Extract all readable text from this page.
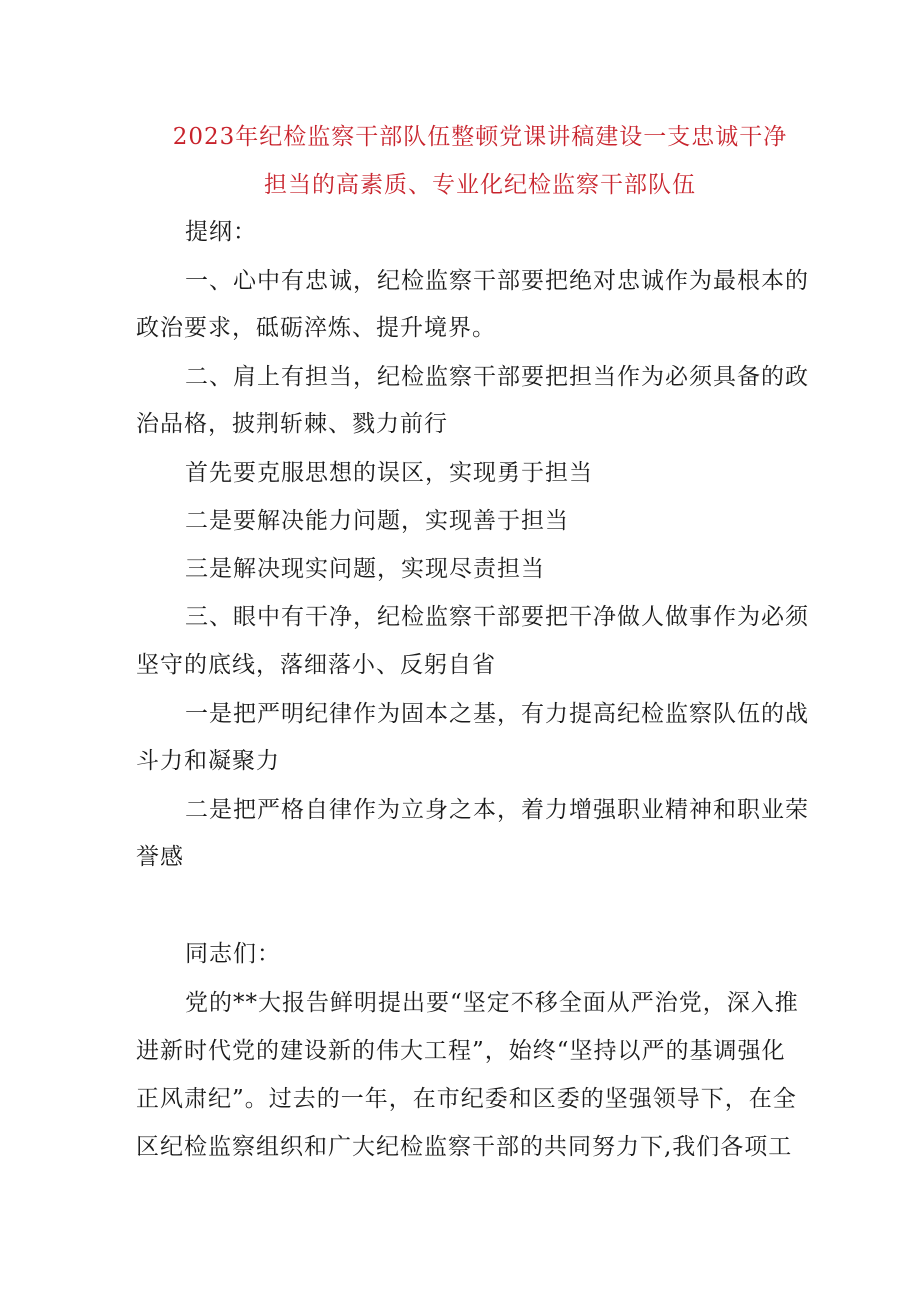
2023年纪检监察干部队伍整顿党课讲稿建设一支忠诚干净
担当的高素质、专业化纪检监察干部队伍
提纲：
一、心中有忠诚，纪检监察干部要把绝对忠诚作为最根本的
政治要求，砥砺淬炼、提升境界。
二、肩上有担当，纪检监察干部要把担当作为必须具备的政
治品格，披荆斩棘、戮力前行
首先要克服思想的误区，实现勇于担当
二是要解决能力问题，实现善于担当
三是解决现实问题，实现尽责担当
三、眼中有干净，纪检监察干部要把干净做人做事作为必须
坚守的底线，落细落小、反躬自省
一是把严明纪律作为固本之基，有力提高纪检监察队伍的战
斗力和凝聚力
二是把严格自律作为立身之本，着力增强职业精神和职业荣
誉感
同志们：
党的**大报告鲜明提出要“坚定不移全面从严治党，深入推
进新时代党的建设新的伟大工程”，始终“坚持以严的基调强化
正风肃纪”。过去的一年，在市纪委和区委的坚强领导下，在全
区纪检监察组织和广大纪检监察干部的共同努力下,我们各项工
